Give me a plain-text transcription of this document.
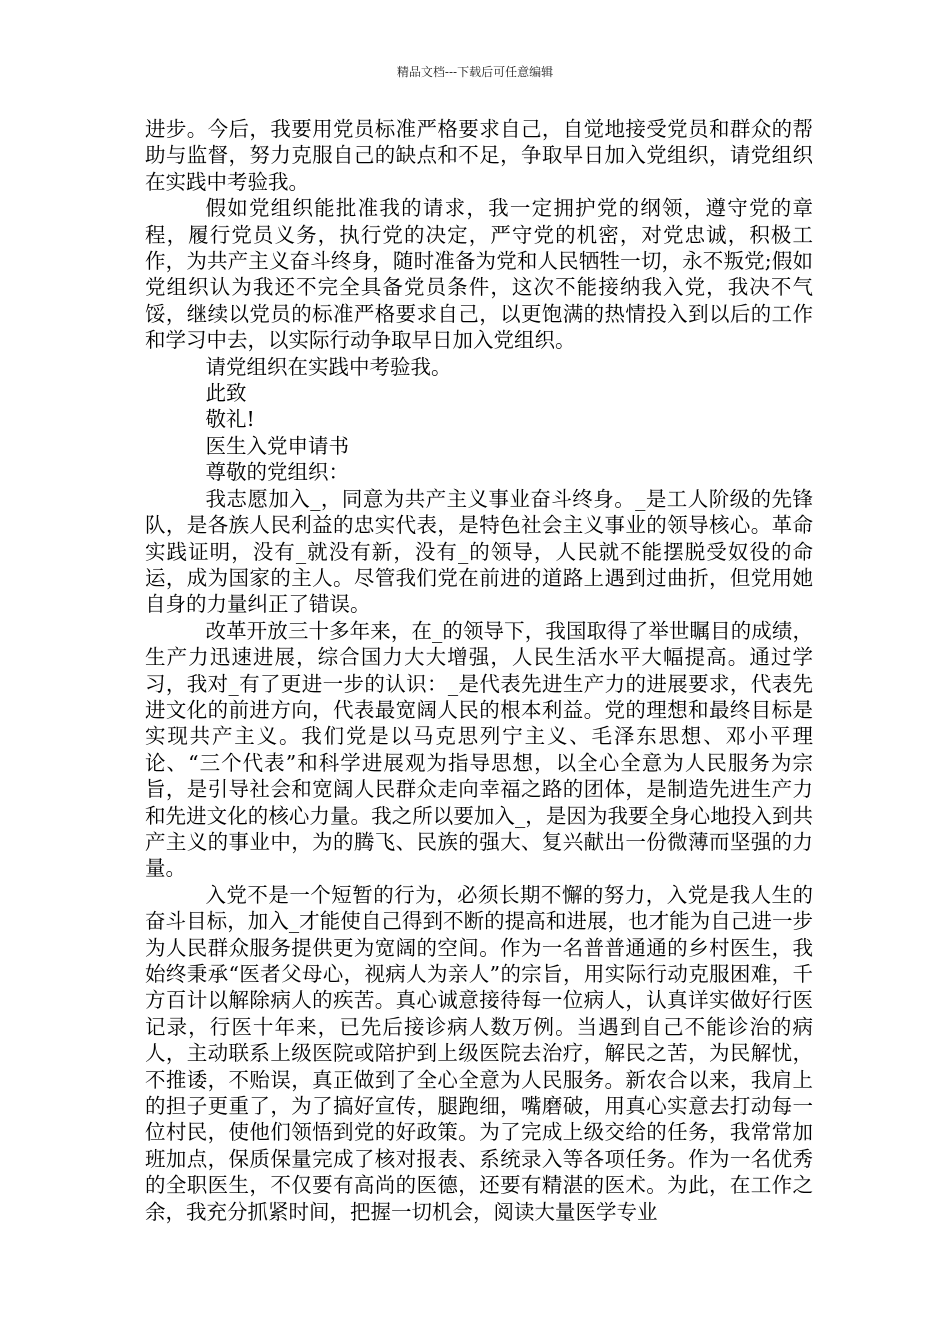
精品文档---下载后可任意编辑

进步。今后，我要用党员标准严格要求自己，自觉地接受党员和群众的帮助与监督，努力克服自己的缺点和不足，争取早日加入党组织，请党组织在实践中考验我。

假如党组织能批准我的请求，我一定拥护党的纲领，遵守党的章程，履行党员义务，执行党的决定，严守党的机密，对党忠诚，积极工作，为共产主义奋斗终身，随时准备为党和人民牺牲一切，永不叛党;假如党组织认为我还不完全具备党员条件，这次不能接纳我入党，我决不气馁，继续以党员的标准严格要求自己，以更饱满的热情投入到以后的工作和学习中去，以实际行动争取早日加入党组织。

请党组织在实践中考验我。

此致

敬礼!

医生入党申请书

尊敬的党组织：

我志愿加入_，同意为共产主义事业奋斗终身。_是工人阶级的先锋队，是各族人民利益的忠实代表，是特色社会主义事业的领导核心。革命实践证明，没有_就没有新，没有_的领导，人民就不能摆脱受奴役的命运，成为国家的主人。尽管我们党在前进的道路上遇到过曲折，但党用她自身的力量纠正了错误。

改革开放三十多年来，在_的领导下，我国取得了举世瞩目的成绩，生产力迅速进展，综合国力大大增强，人民生活水平大幅提高。通过学习，我对_有了更进一步的认识：_是代表先进生产力的进展要求，代表先进文化的前进方向，代表最宽阔人民的根本利益。党的理想和最终目标是实现共产主义。我们党是以马克思列宁主义、毛泽东思想、邓小平理论、“三个代表”和科学进展观为指导思想，以全心全意为人民服务为宗旨，是引导社会和宽阔人民群众走向幸福之路的团体，是制造先进生产力和先进文化的核心力量。我之所以要加入_，是因为我要全身心地投入到共产主义的事业中，为的腾飞、民族的强大、复兴献出一份微薄而坚强的力量。

入党不是一个短暂的行为，必须长期不懈的努力，入党是我人生的奋斗目标，加入_才能使自己得到不断的提高和进展，也才能为自己进一步为人民群众服务提供更为宽阔的空间。作为一名普普通通的乡村医生，我始终秉承“医者父母心，视病人为亲人”的宗旨，用实际行动克服困难，千方百计以解除病人的疾苦。真心诚意接待每一位病人，认真详实做好行医记录，行医十年来，已先后接诊病人数万例。当遇到自己不能诊治的病人，主动联系上级医院或陪护到上级医院去治疗，解民之苦，为民解忧，不推诿，不贻误，真正做到了全心全意为人民服务。新农合以来，我肩上的担子更重了，为了搞好宣传，腿跑细，嘴磨破，用真心实意去打动每一位村民，使他们领悟到党的好政策。为了完成上级交给的任务，我常常加班加点，保质保量完成了核对报表、系统录入等各项任务。作为一名优秀的全职医生，不仅要有高尚的医德，还要有精湛的医术。为此，在工作之余，我充分抓紧时间，把握一切机会，阅读大量医学专业
